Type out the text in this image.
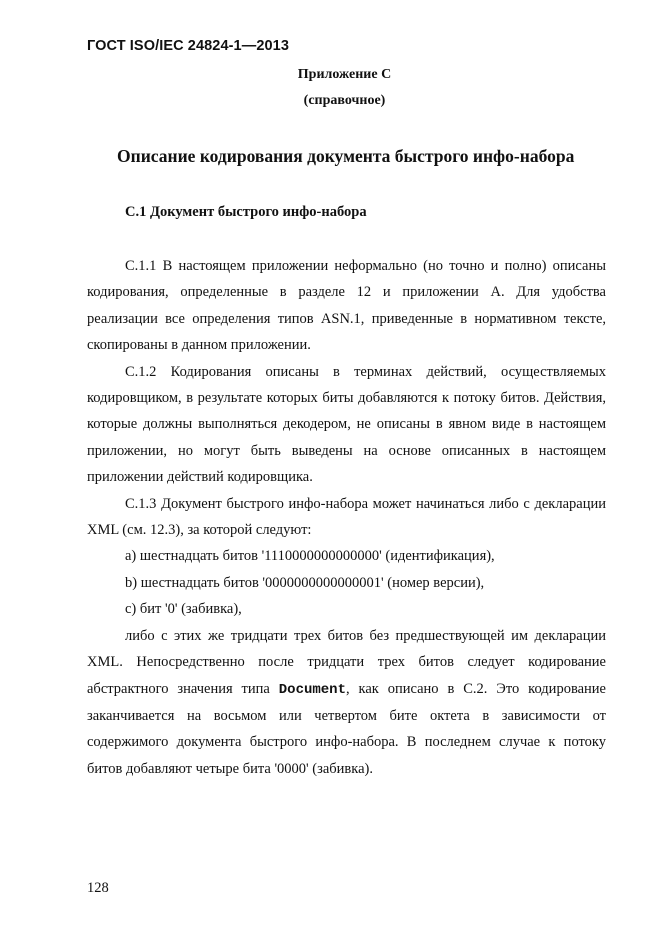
ГОСТ ISO/IEC 24824-1—2013
Приложение С
(справочное)
Описание кодирования документа быстрого инфо-набора
С.1 Документ быстрого инфо-набора

С.1.1 В настоящем приложении неформально (но точно и полно) описаны кодирования, определенные в разделе 12 и приложении А. Для удобства реализации все определения типов ASN.1, приведенные в нормативном тексте, скопированы в данном приложении.

С.1.2 Кодирования описаны в терминах действий, осуществляемых кодировщиком, в результате которых биты добавляются к потоку битов. Действия, которые должны выполняться декодером, не описаны в явном виде в настоящем приложении, но могут быть выведены на основе описанных в настоящем приложении действий кодировщика.

С.1.3 Документ быстрого инфо-набора может начинаться либо с декларации XML (см. 12.3), за которой следуют:

а) шестнадцать битов '1110000000000000' (идентификация),

b) шестнадцать битов '0000000000000001' (номер версии),

с) бит '0' (забивка),

либо с этих же тридцати трех битов без предшествующей им декларации XML. Непосредственно после тридцати трех битов следует кодирование абстрактного значения типа Document, как описано в С.2. Это кодирование заканчивается на восьмом или четвертом бите октета в зависимости от содержимого документа быстрого инфо-набора. В последнем случае к потоку битов добавляют четыре бита '0000' (забивка).

128
